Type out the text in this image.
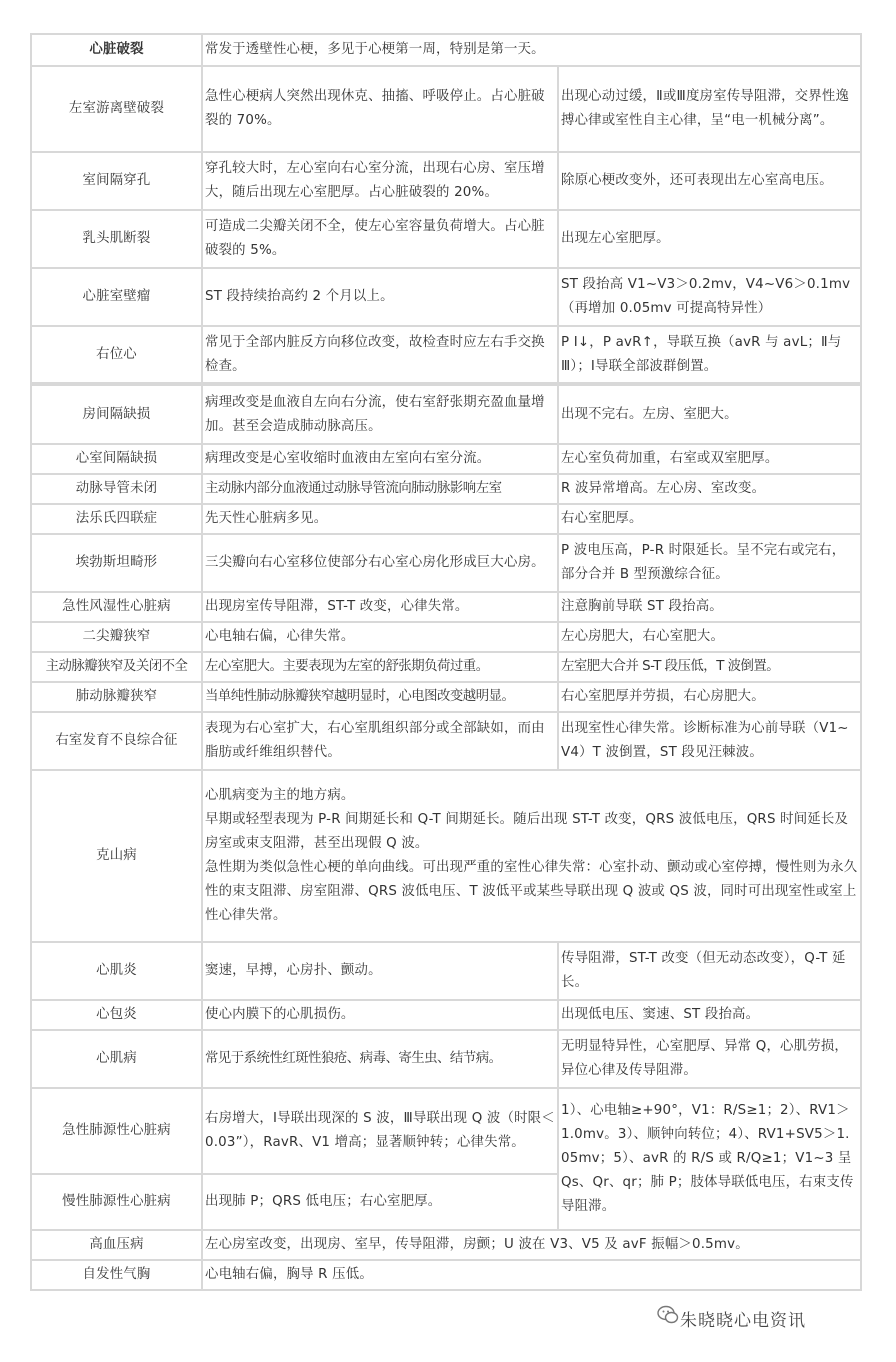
心脏破裂	常发于透壁性心梗，多见于心梗第一周，特别是第一天。	
左室游离壁破裂	急性心梗病人突然出现休克、抽搐、呼吸停止。占心脏破裂的 70%。	出现心动过缓，Ⅱ或Ⅲ度房室传导阻滞，交界性逸搏心律或室性自主心律，呈“电一机械分离”。
室间隔穿孔	穿孔较大时，左心室向右心室分流，出现右心房、室压增大，随后出现左心室肥厚。占心脏破裂的 20%。	除原心梗改变外，还可表现出左心室高电压。
乳头肌断裂	可造成二尖瓣关闭不全，使左心室容量负荷增大。占心脏破裂的 5%。	出现左心室肥厚。
心脏室壁瘤	ST 段持续抬高约 2 个月以上。	ST 段抬高 V1~V3＞0.2mv，V4~V6＞0.1mv（再增加 0.05mv 可提高特异性）
右位心	常见于全部内脏反方向移位改变，故检查时应左右手交换检查。	P Ⅰ↓，P avR↑，导联互换（avR 与 avL；Ⅱ与Ⅲ）；Ⅰ导联全部波群倒置。
房间隔缺损	病理改变是血液自左向右分流，使右室舒张期充盈血量增加。甚至会造成肺动脉高压。	出现不完右。左房、室肥大。
心室间隔缺损	病理改变是心室收缩时血液由左室向右室分流。	左心室负荷加重，右室或双室肥厚。
动脉导管未闭	主动脉内部分血液通过动脉导管流向肺动脉影响左室	R 波异常增高。左心房、室改变。
法乐氏四联症	先天性心脏病多见。	右心室肥厚。
埃勃斯坦畸形	三尖瓣向右心室移位使部分右心室心房化形成巨大心房。	P 波电压高，P-R 时限延长。呈不完右或完右，部分合并 B 型预激综合征。
急性风湿性心脏病	出现房室传导阻滞，ST-T 改变，心律失常。	注意胸前导联 ST 段抬高。
二尖瓣狭窄	心电轴右偏，心律失常。	左心房肥大，右心室肥大。
主动脉瓣狭窄及关闭不全	左心室肥大。主要表现为左室的舒张期负荷过重。	左室肥大合并 S-T 段压低，T 波倒置。
肺动脉瓣狭窄	当单纯性肺动脉瓣狭窄越明显时，心电图改变越明显。	右心室肥厚并劳损，右心房肥大。
右室发育不良综合征	表现为右心室扩大，右心室肌组织部分或全部缺如，而由脂肪或纤维组织替代。	出现室性心律失常。诊断标准为心前导联（V1~V4）T 波倒置，ST 段见汪棘波。
克山病	心肌病变为主的地方病。
早期或轻型表现为 P-R 间期延长和 Q-T 间期延长。随后出现 ST-T 改变，QRS 波低电压，QRS 时间延长及房室或束支阻滞，甚至出现假 Q 波。
急性期为类似急性心梗的单向曲线。可出现严重的室性心律失常：心室扑动、颤动或心室停搏，慢性则为永久性的束支阻滞、房室阻滞、QRS 波低电压、T 波低平或某些导联出现 Q 波或 QS 波，同时可出现室性或室上性心律失常。	

心肌炎	窦速，早搏，心房扑、颤动。	传导阻滞，ST-T 改变（但无动态改变），Q-T 延长。
心包炎	使心内膜下的心肌损伤。	出现低电压、窦速、ST 段抬高。
心肌病	常见于系统性红斑性狼疮、病毒、寄生虫、结节病。	无明显特异性，心室肥厚、异常 Q，心肌劳损，异位心律及传导阻滞。
急性肺源性心脏病	右房增大，Ⅰ导联出现深的 S 波，Ⅲ导联出现 Q 波（时限＜0.03”），RavR、V1 增高；显著顺钟转；心律失常。	1）、心电轴≥+90°，V1：R/S≥1；2）、RV1＞1.0mv。3）、顺钟向转位；4）、RV1+SV5＞1.05mv；5）、avR 的 R/S 或 R/Q≥1；V1~3 呈 Qs、Qr、qr；肺 P；肢体导联低电压，右束支传导阻滞。
慢性肺源性心脏病	出现肺 P；QRS 低电压；右心室肥厚。	
高血压病	左心房室改变，出现房、室早，传导阻滞，房颤；U 波在 V3、V5 及 avF 振幅＞0.5mv。	
自发性气胸	心电轴右偏，胸导 R 压低。	
朱晓晓心电资讯
